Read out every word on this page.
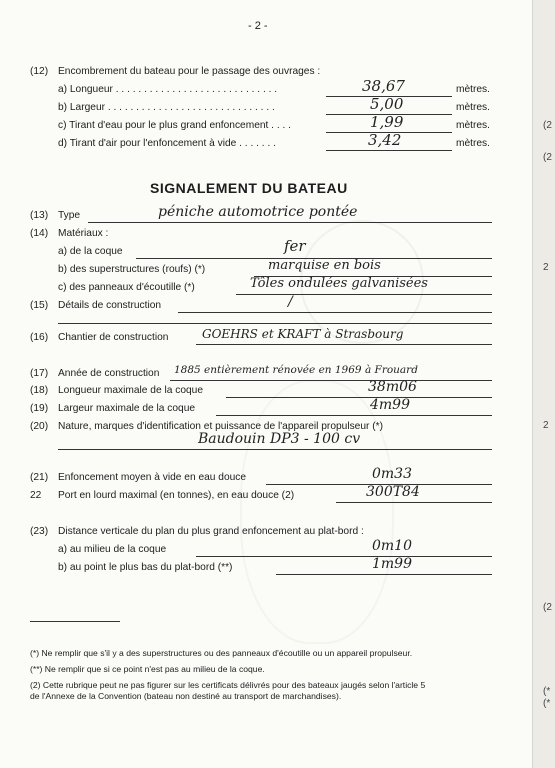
- 2 -
(12) Encombrement du bateau pour le passage des ouvrages :
a) Longueur . . . . . . . . . . . . . . . . . . . . . . . . . . . . .	38,67	mètres.
b) Largeur . . . . . . . . . . . . . . . . . . . . . . . . . . . . . .	5,00	mètres.
c) Tirant d'eau pour le plus grand enfoncement . . . .	1,99	mètres.
d) Tirant d'air pour l'enfoncement à vide . . . . . . .	3,42	mètres.
SIGNALEMENT DU BATEAU
(13) Type	péniche automotrice pontée
(14) Matériaux :
a) de la coque	fer
b) des superstructures (roufs) (*)	marquise en bois
c) des panneaux d'écoutille (*)	Tôles ondulées galvanisées
(15) Détails de construction	/
(16) Chantier de construction	GOEHRS et KRAFT à Strasbourg
(17) Année de construction 1885 entièrement rénovée en 1969 à Frouard
(18) Longueur maximale de la coque	38m06
(19) Largeur maximale de la coque	4m99
(20) Nature, marques d'identification et puissance de l'appareil propulseur (*)
Baudouin DP3 - 100 cv
(21) Enfoncement moyen à vide en eau douce	0m33
22 Port en lourd maximal (en tonnes), en eau douce (2)	300T84
(23) Distance verticale du plan du plus grand enfoncement au plat-bord :
a) au milieu de la coque	0m10
b) au point le plus bas du plat-bord (**)	1m99
(*) Ne remplir que s'il y a des superstructures ou des panneaux d'écoutille ou un appareil propulseur.
(**) Ne remplir que si ce point n'est pas au milieu de la coque.
(2) Cette rubrique peut ne pas figurer sur les certificats délivrés pour des bateaux jaugés selon l'article 5
de l'Annexe de la Convention (bateau non destiné au transport de marchandises).
(2
(2
2
2
(2
(*
(*
